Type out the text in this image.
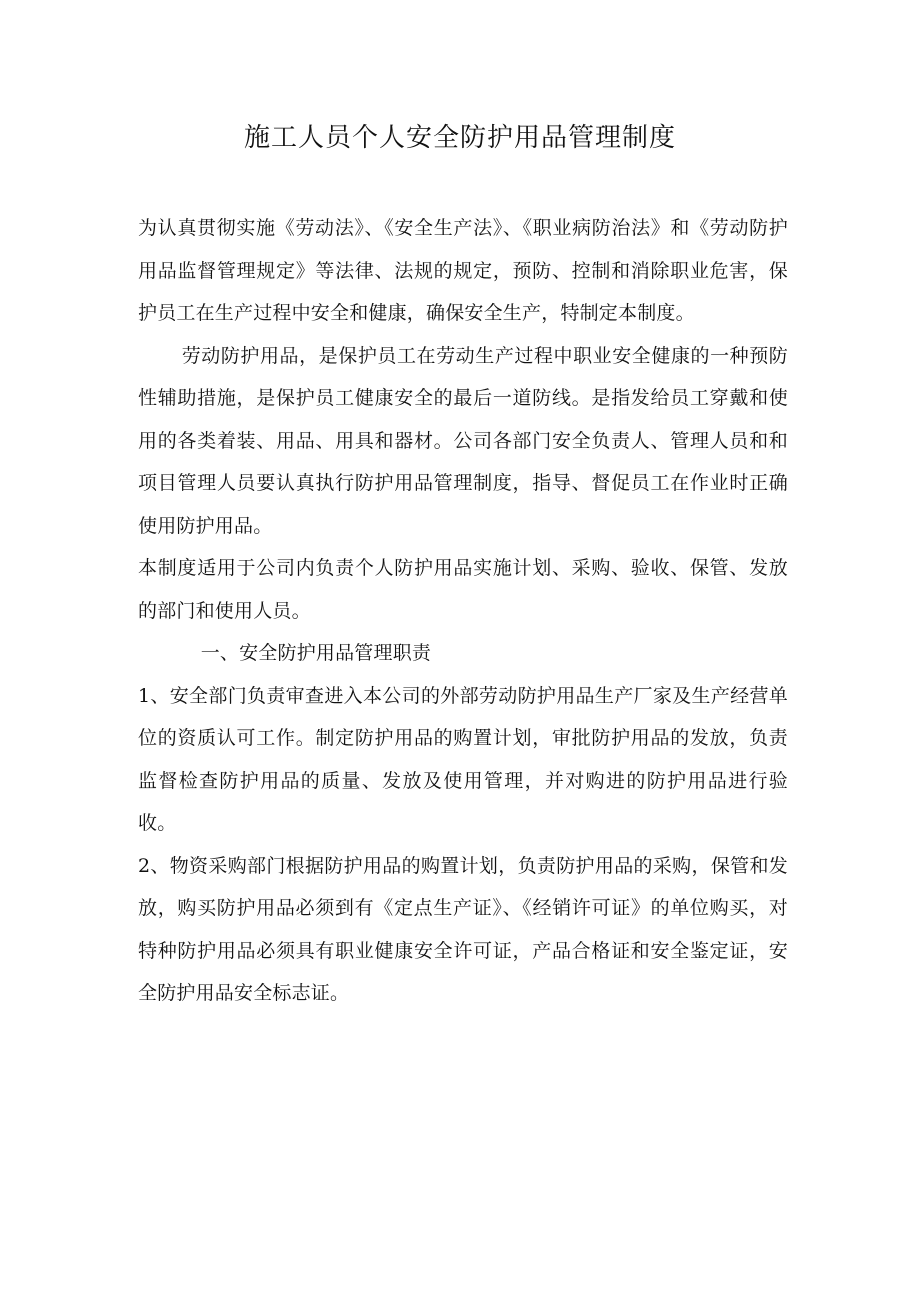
施工人员个人安全防护用品管理制度

为认真贯彻实施《劳动法》、《安全生产法》、《职业病防治法》和《劳动防护用品监督管理规定》等法律、法规的规定，预防、控制和消除职业危害，保护员工在生产过程中安全和健康，确保安全生产，特制定本制度。

劳动防护用品，是保护员工在劳动生产过程中职业安全健康的一种预防性辅助措施，是保护员工健康安全的最后一道防线。是指发给员工穿戴和使用的各类着装、用品、用具和器材。公司各部门安全负责人、管理人员和和项目管理人员要认真执行防护用品管理制度，指导、督促员工在作业时正确使用防护用品。

本制度适用于公司内负责个人防护用品实施计划、采购、验收、保管、发放的部门和使用人员。

一、安全防护用品管理职责

1、安全部门负责审查进入本公司的外部劳动防护用品生产厂家及生产经营单位的资质认可工作。制定防护用品的购置计划，审批防护用品的发放，负责监督检查防护用品的质量、发放及使用管理，并对购进的防护用品进行验收。

2、物资采购部门根据防护用品的购置计划，负责防护用品的采购，保管和发放，购买防护用品必须到有《定点生产证》、《经销许可证》的单位购买，对特种防护用品必须具有职业健康安全许可证，产品合格证和安全鉴定证，安全防护用品安全标志证。
